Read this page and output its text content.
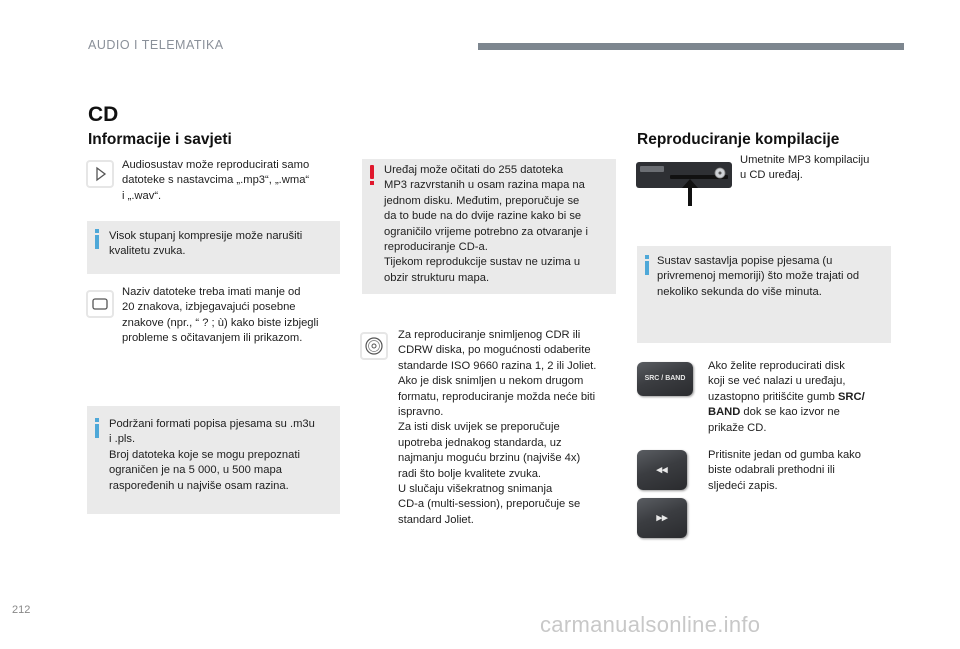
AUDIO I TELEMATIKA
CD
Informacije i savjeti
Audiosustav može reproducirati samo
datoteke s nastavcima „.mp3“, „.wma“
i „.wav“.
Visok stupanj kompresije može narušiti
kvalitetu zvuka.
Naziv datoteke treba imati manje od
20 znakova, izbjegavajući posebne
znakove (npr., “ ? ; ù) kako biste izbjegli
probleme s očitavanjem ili prikazom.
Podržani formati popisa pjesama su .m3u
i .pls.
Broj datoteka koje se mogu prepoznati
ograničen je na 5 000, u 500 mapa
raspoređenih u najviše osam razina.
Uređaj može očitati do 255 datoteka
MP3 razvrstanih u osam razina mapa na
jednom disku. Međutim, preporučuje se
da to bude na do dvije razine kako bi se
ograničilo vrijeme potrebno za otvaranje i
reproduciranje CD-a.
Tijekom reprodukcije sustav ne uzima u
obzir strukturu mapa.
Za reproduciranje snimljenog CDR ili
CDRW diska, po mogućnosti odaberite
standarde ISO 9660 razina 1, 2 ili Joliet.
Ako je disk snimljen u nekom drugom
formatu, reproduciranje možda neće biti
ispravno.
Za isti disk uvijek se preporučuje
upotreba jednakog standarda, uz
najmanju moguću brzinu (najviše 4x)
radi što bolje kvalitete zvuka.
U slučaju višekratnog snimanja
CD-a (multi-session), preporučuje se
standard Joliet.
Reproduciranje kompilacije
Umetnite MP3 kompilaciju
u CD uređaj.
Sustav sastavlja popise pjesama (u
privremenoj memoriji) što može trajati od
nekoliko sekunda do više minuta.
SRC / BAND
Ako želite reproducirati disk
koji se već nalazi u uređaju,
uzastopno pritišćite gumb SRC/
BAND dok se kao izvor ne
prikaže CD.
◂◂
▸▸
Pritisnite jedan od gumba kako
biste odabrali prethodni ili
sljedeći zapis.
212
carmanualsonline.info
